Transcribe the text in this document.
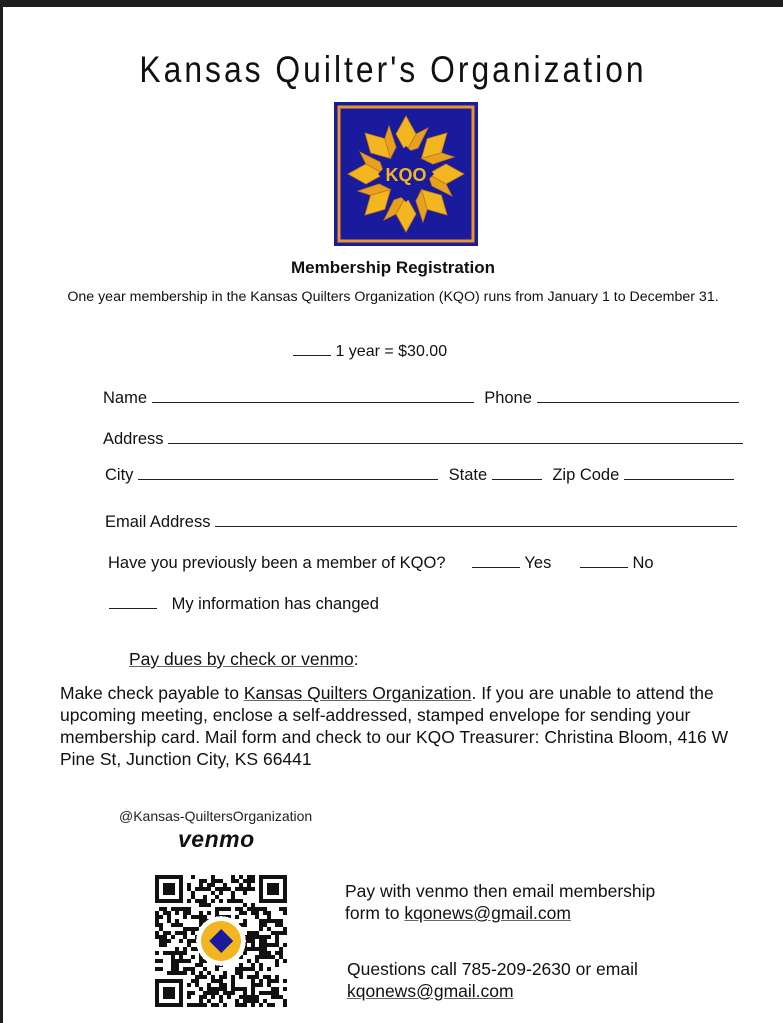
Kansas Quilter's Organization
KQO
Membership Registration
One year membership in the Kansas Quilters Organization (KQO) runs from January 1 to December 31.
1 year = $30.00
Name	Phone
Address
City	State	Zip Code
Email Address
Have you previously been a member of KQO?	Yes	No
My information has changed
Pay dues by check or venmo:
Make check payable to Kansas Quilters Organization. If you are unable to attend the upcoming meeting, enclose a self-addressed, stamped envelope for sending your membership card. Mail form and check to our KQO Treasurer: Christina Bloom, 416 W Pine St, Junction City, KS 66441
@Kansas-QuiltersOrganization
venmo
Pay with venmo then email membership
form to kqonews@gmail.com
Questions call 785-209-2630 or email
kqonews@gmail.com
